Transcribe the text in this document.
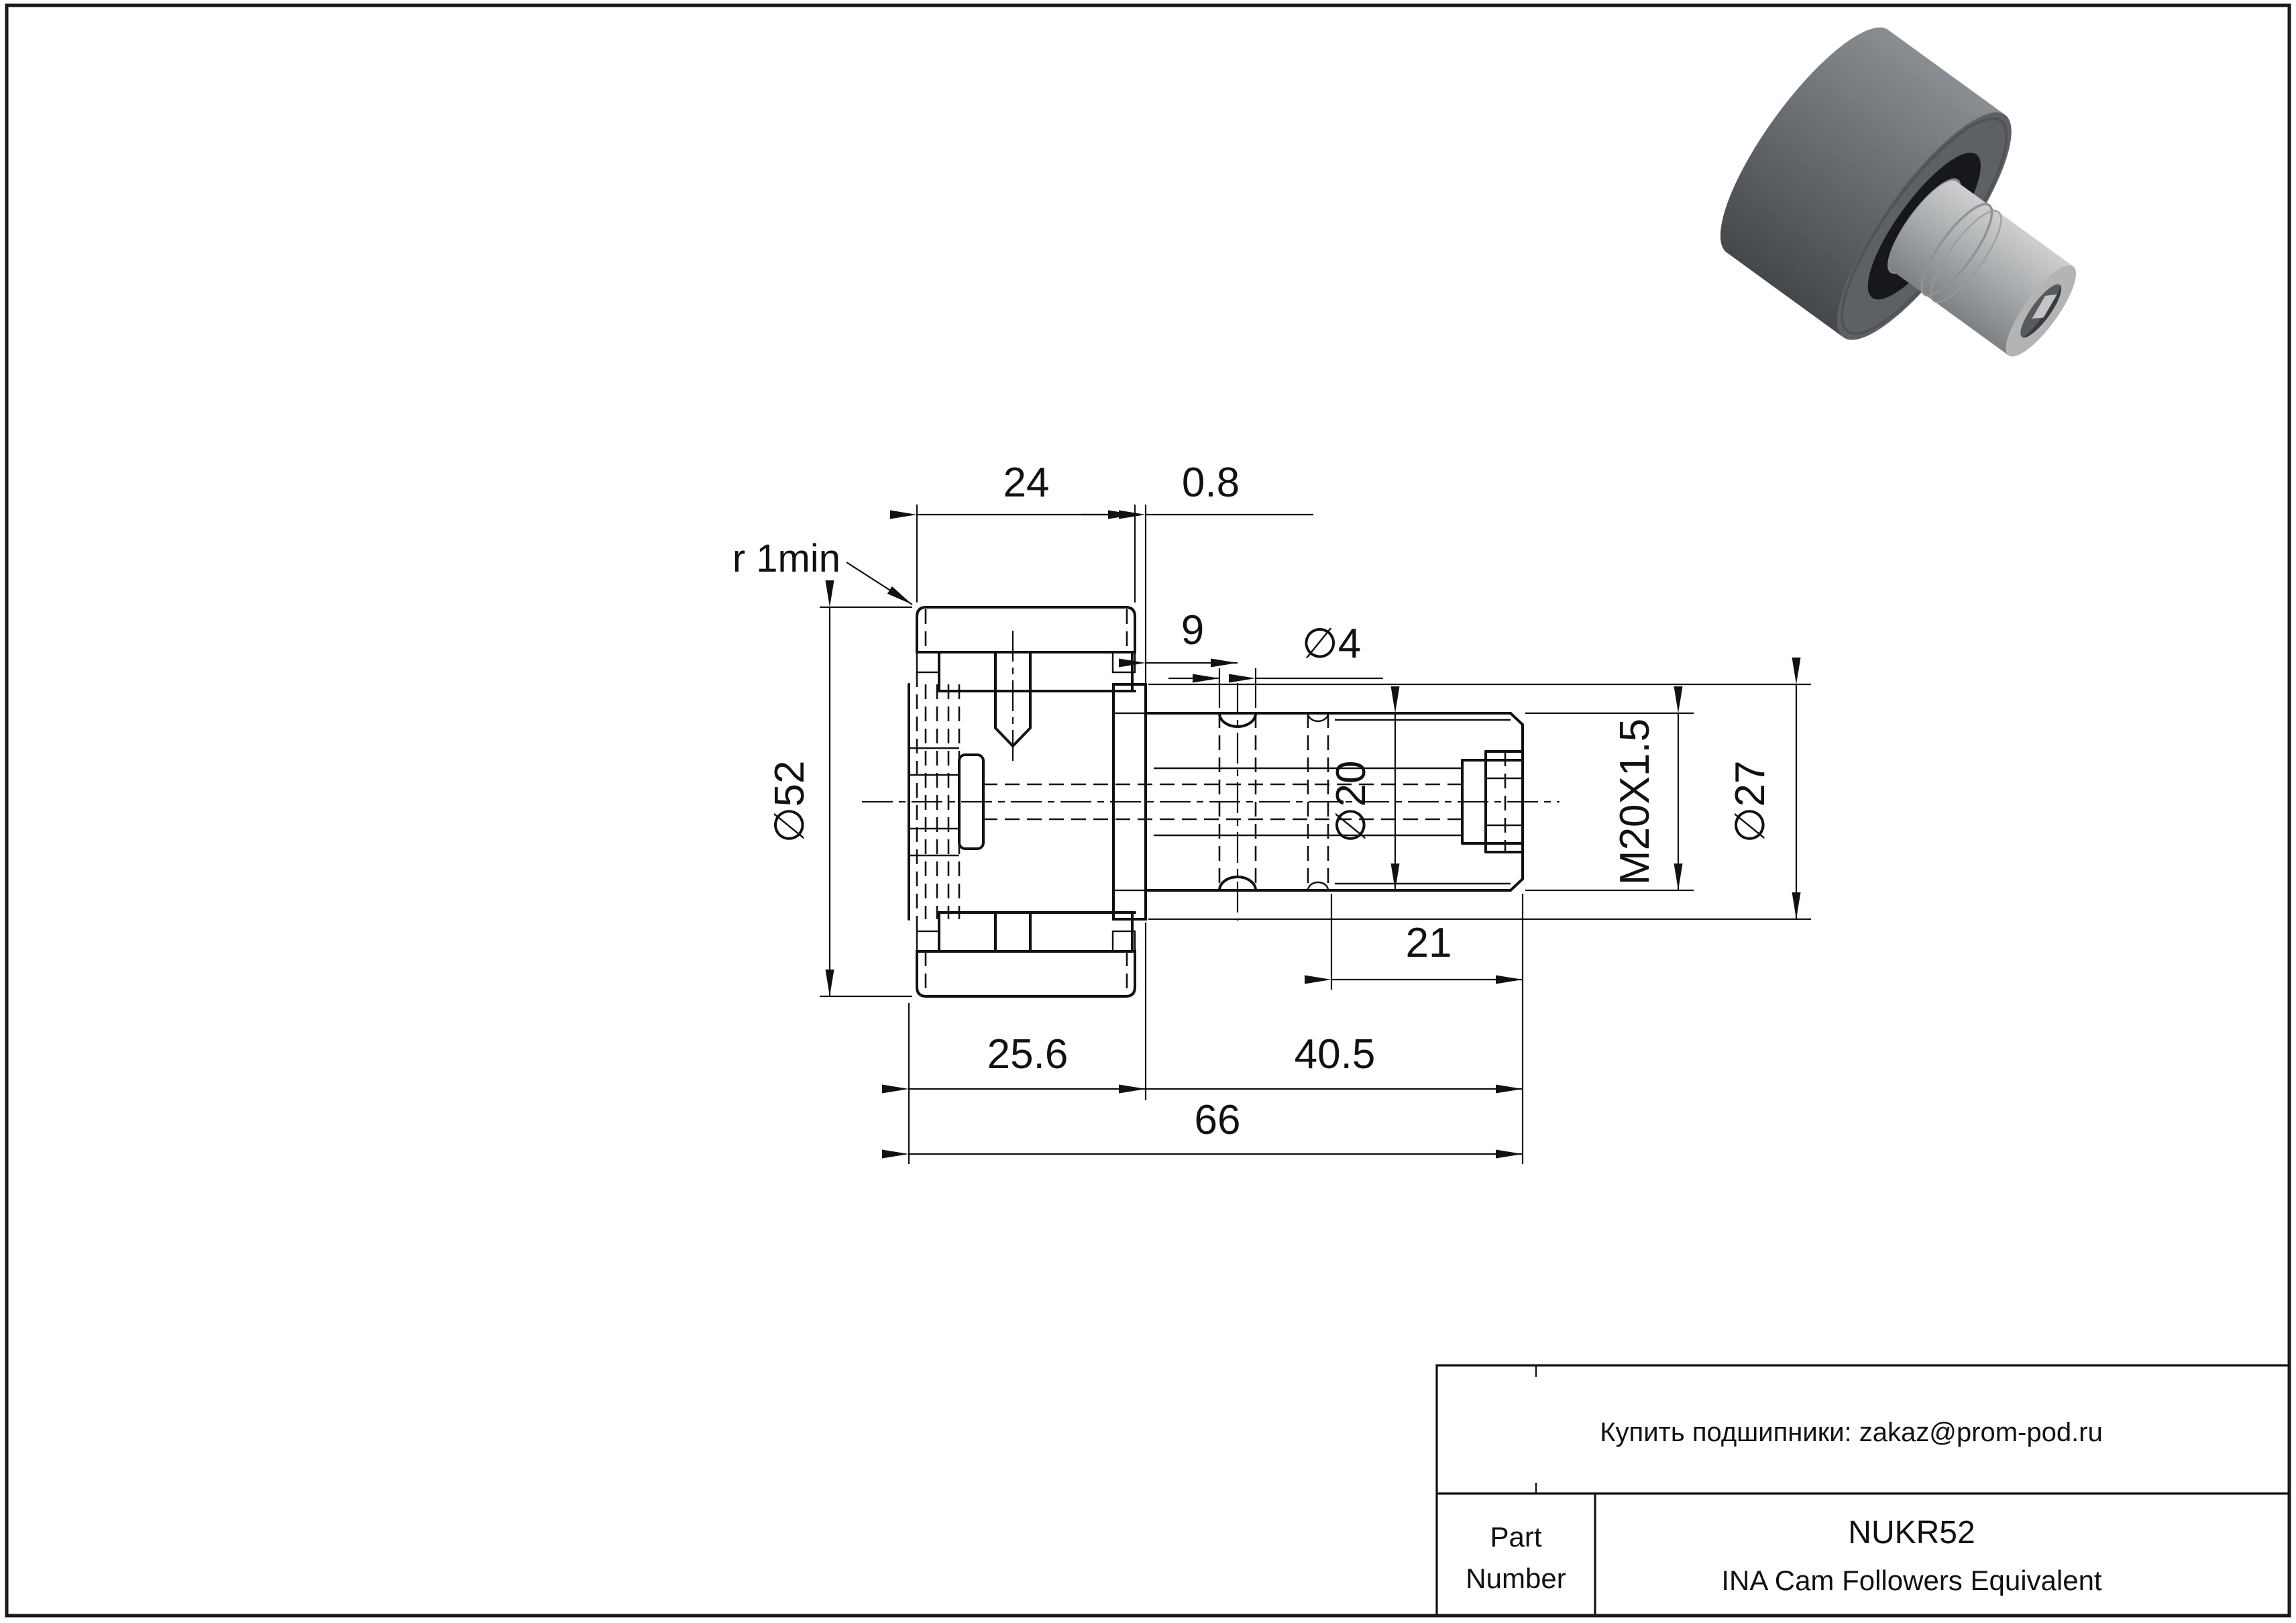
24	0.8
9 ∅4
∅52
r 1min
∅20	M20X1.5 ∅27
21
25.6	40.5
66
Купить подшипники: zakaz@prom-pod.ru
Part
Number
NUKR52
INA Cam Followers Equivalent
